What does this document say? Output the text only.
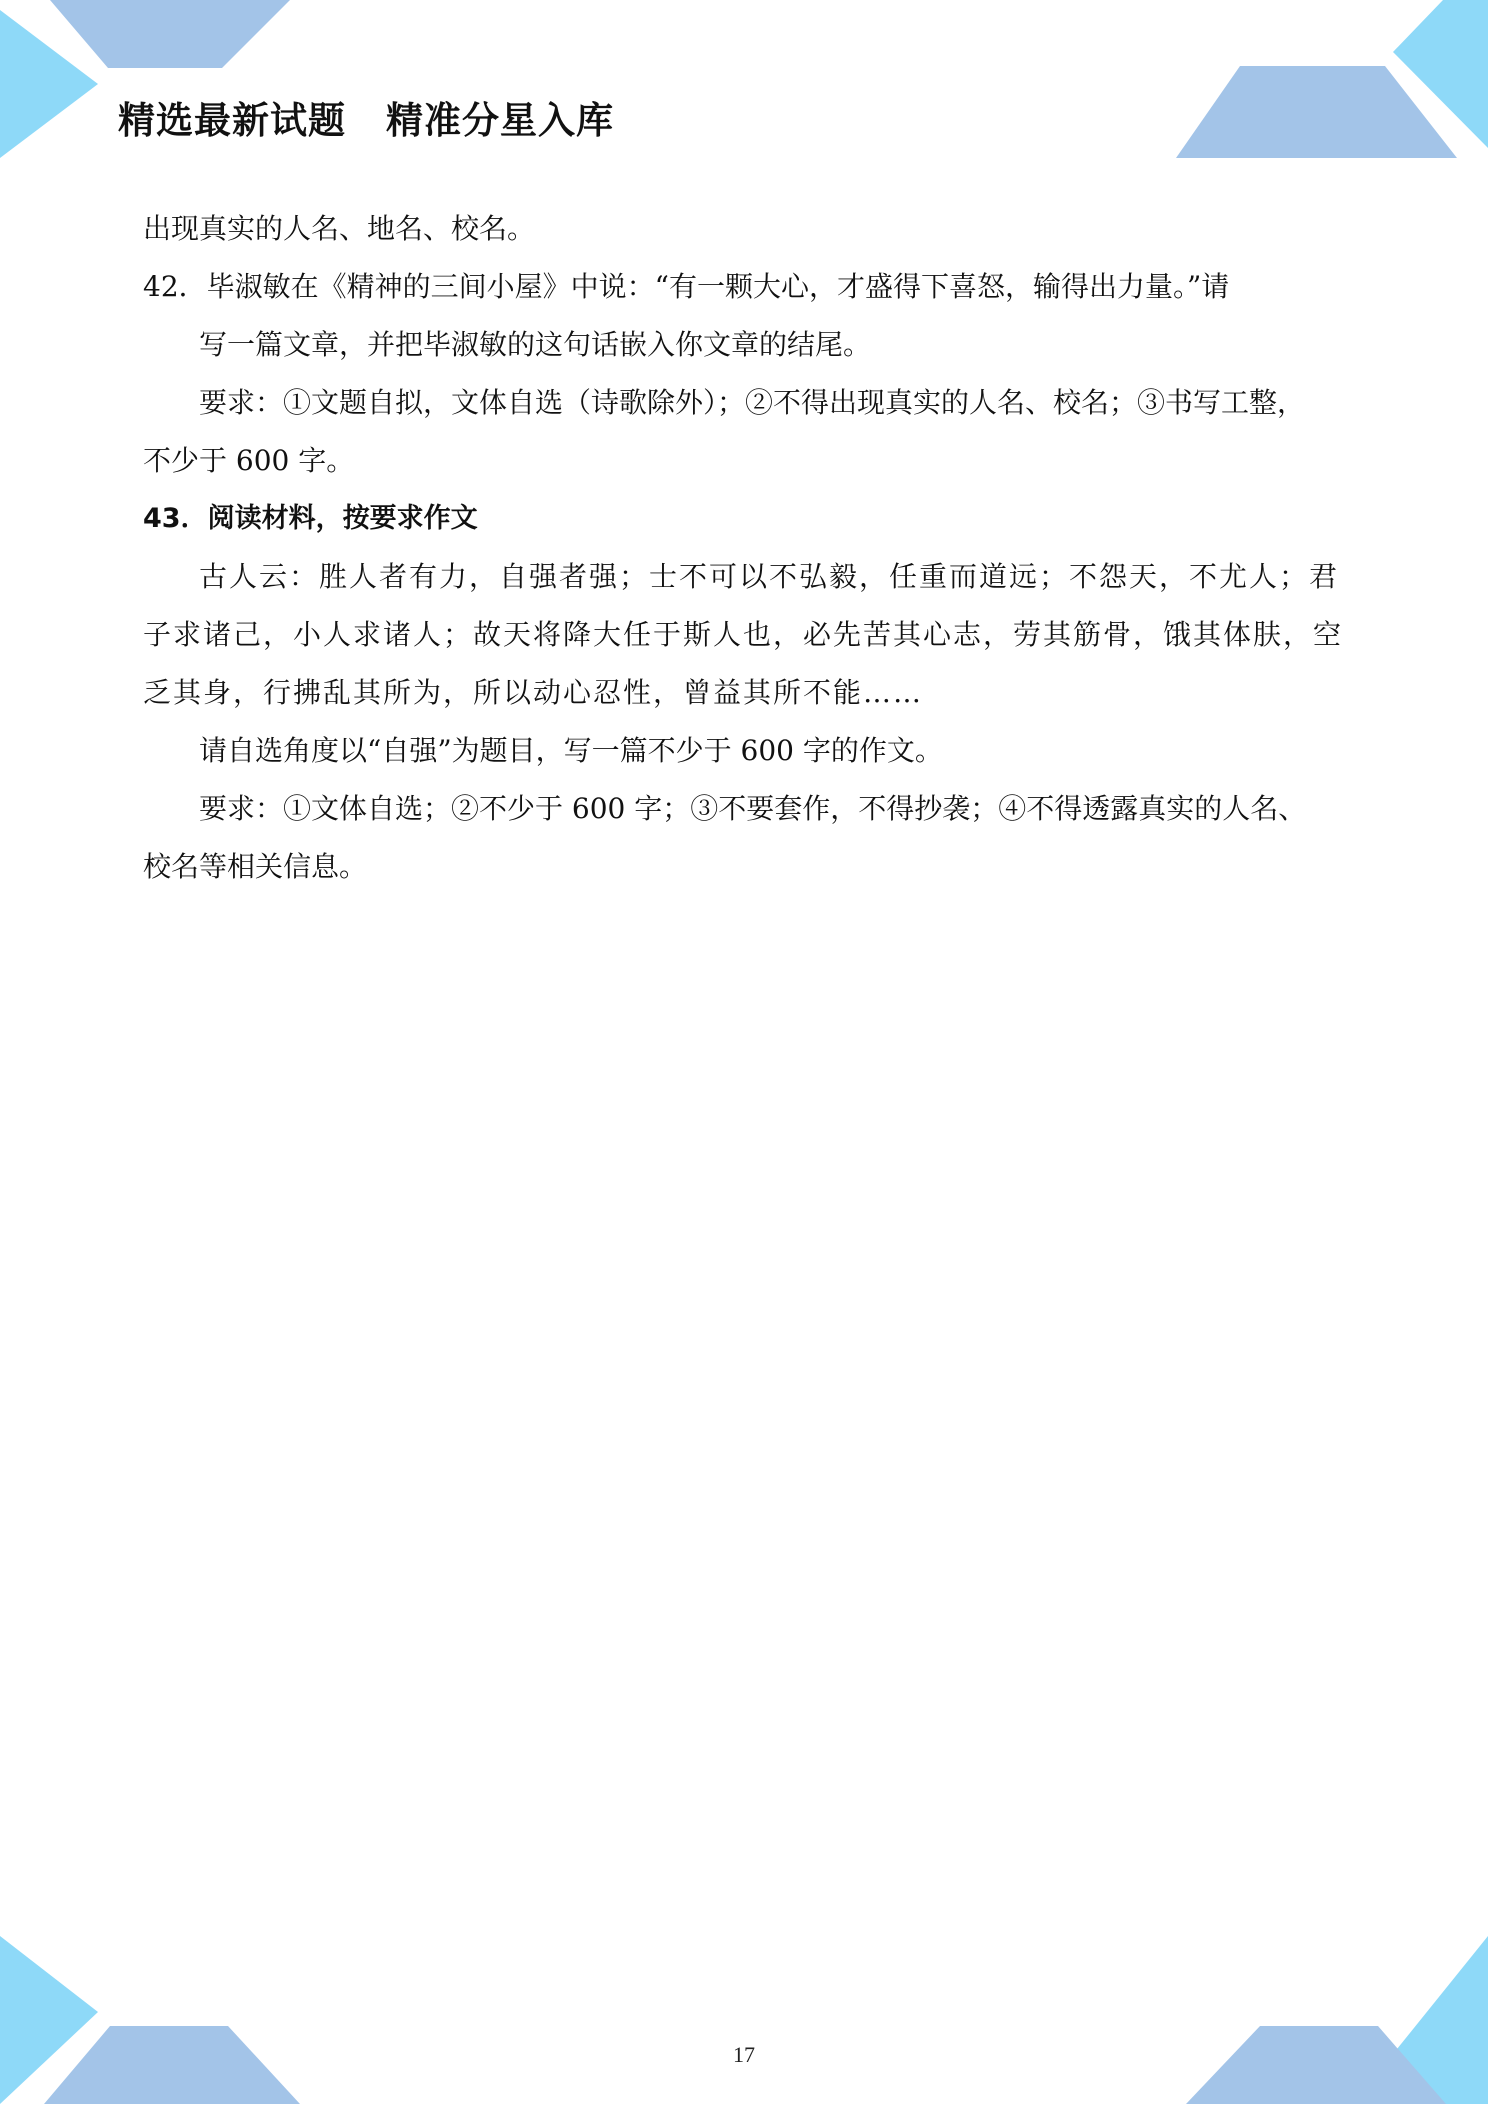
精选最新试题 精准分星入库
出现真实的人名、地名、校名。
42．毕淑敏在《精神的三间小屋》中说：“有一颗大心，才盛得下喜怒，输得出力量。”请
写一篇文章，并把毕淑敏的这句话嵌入你文章的结尾。
要求：①文题自拟，文体自选（诗歌除外）；②不得出现真实的人名、校名；③书写工整，
不少于 600 字。
43．阅读材料，按要求作文
古人云：胜人者有力，自强者强；士不可以不弘毅，任重而道远；不怨天，不尤人；君
子求诸己，小人求诸人；故天将降大任于斯人也，必先苦其心志，劳其筋骨，饿其体肤，空
乏其身，行拂乱其所为，所以动心忍性，曾益其所不能……
请自选角度以“自强”为题目，写一篇不少于 600 字的作文。
要求：①文体自选；②不少于 600 字；③不要套作，不得抄袭；④不得透露真实的人名、
校名等相关信息。
17
